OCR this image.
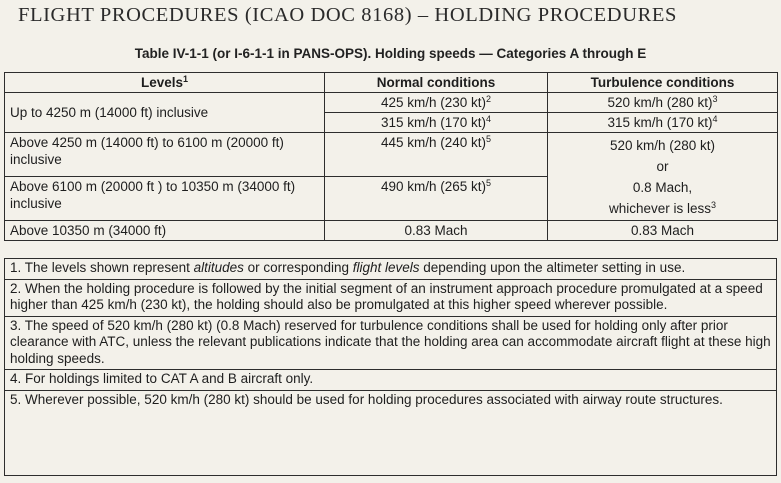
FLIGHT PROCEDURES (ICAO DOC 8168) – HOLDING PROCEDURES
Table IV-1-1 (or I-6-1-1 in PANS-OPS). Holding speeds — Categories A through E
Levels$^1$	Normal conditions	Turbulence conditions
Up to 4250 m (14000 ft) inclusive	425 km/h (230 kt)$^2$	520 km/h (280 kt)$^3$
	315 km/h (170 kt)$^4$	315 km/h (170 kt)$^4$
Above 4250 m (14000 ft) to 6100 m (20000 ft) inclusive	445 km/h (240 kt)$^5$	520 km/h (280 kt)
or
0.8 Mach,
whichever is less$^3$

Above 6100 m (20000 ft ) to 10350 m (34000 ft) inclusive	490 km/h (265 kt)$^5$
Above 10350 m (34000 ft)	0.83 Mach	0.83 Mach
1. The levels shown represent altitudes or corresponding flight levels depending upon the altimeter setting in use.
2. When the holding procedure is followed by the initial segment of an instrument approach procedure promulgated at a speed higher than 425 km/h (230 kt), the holding should also be promulgated at this higher speed wherever possible.
3. The speed of 520 km/h (280 kt) (0.8 Mach) reserved for turbulence conditions shall be used for holding only after prior clearance with ATC, unless the relevant publications indicate that the holding area can accommodate aircraft flight at these high holding speeds.
4. For holdings limited to CAT A and B aircraft only.
5. Wherever possible, 520 km/h (280 kt) should be used for holding procedures associated with airway route structures.
